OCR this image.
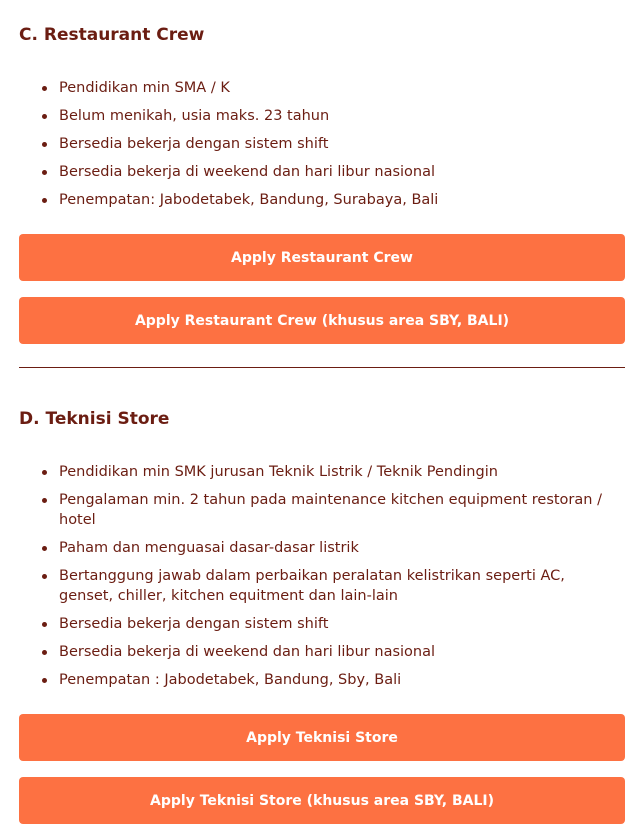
C. Restaurant Crew
Pendidikan min SMA / K
Belum menikah, usia maks. 23 tahun
Bersedia bekerja dengan sistem shift
Bersedia bekerja di weekend dan hari libur nasional
Penempatan: Jabodetabek, Bandung, Surabaya, Bali
Apply Restaurant Crew
Apply Restaurant Crew (khusus area SBY, BALI)
D. Teknisi Store
Pendidikan min SMK jurusan Teknik Listrik / Teknik Pendingin
Pengalaman min. 2 tahun pada maintenance kitchen equipment restoran / hotel
Paham dan menguasai dasar-dasar listrik
Bertanggung jawab dalam perbaikan peralatan kelistrikan seperti AC, genset, chiller, kitchen equitment dan lain-lain
Bersedia bekerja dengan sistem shift
Bersedia bekerja di weekend dan hari libur nasional
Penempatan : Jabodetabek, Bandung, Sby, Bali
Apply Teknisi Store
Apply Teknisi Store (khusus area SBY, BALI)
